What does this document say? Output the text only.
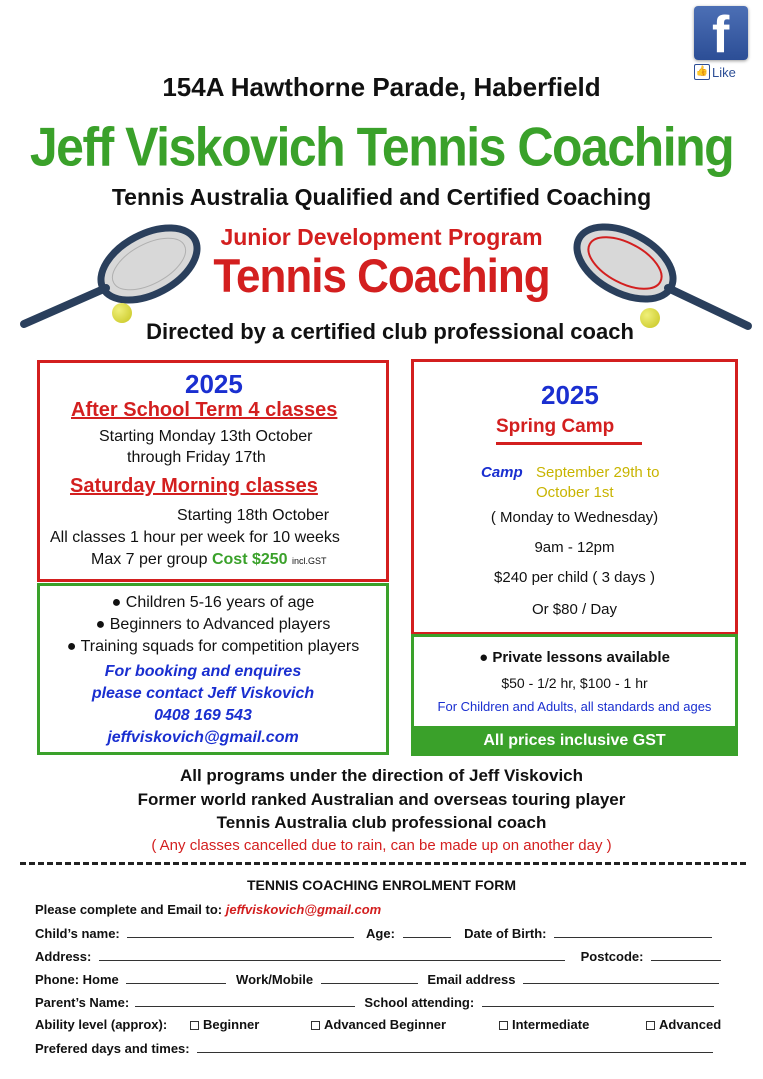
f
👍 Like
154A Hawthorne Parade, Haberfield
Jeff Viskovich Tennis Coaching
Tennis Australia Qualified and Certified Coaching
Junior Development Program
Tennis Coaching
Directed by a certified club professional coach
2025
After School Term 4 classes
Starting Monday 13th October
through Friday 17th
Saturday Morning classes
Starting 18th October
All classes 1 hour per week for 10 weeks
Max 7 per group Cost $250 incl.GST
● Children 5-16 years of age
● Beginners to Advanced players
● Training squads for competition players
For booking and enquires
please contact Jeff Viskovich
0408 169 543
jeffviskovich@gmail.com
2025
Spring Camp
Camp September 29th to
October 1st
( Monday to Wednesday)
9am - 12pm
$240 per child ( 3 days )
Or $80 / Day
● Private lessons available
$50 - 1/2 hr, $100 - 1 hr
For Children and Adults, all standards and ages
All prices inclusive GST
All programs under the direction of Jeff Viskovich
Former world ranked Australian and overseas touring player
Tennis Australia club professional coach
( Any classes cancelled due to rain, can be made up on another day )
TENNIS COACHING ENROLMENT FORM
Please complete and Email to: jeffviskovich@gmail.com
Child’s name:	Age:	Date of Birth:
Address:	Postcode:
Phone: Home	Work/Mobile	Email address
Parent’s Name:	School attending:
Ability level (approx):	Beginner	Advanced Beginner	Intermediate	Advanced
Prefered days and times:
